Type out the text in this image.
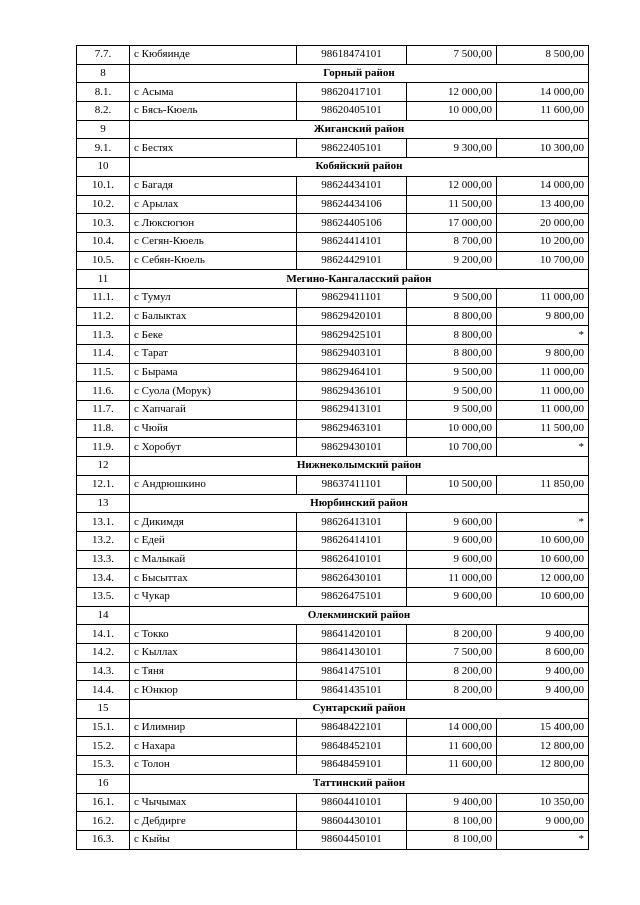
7.7.	с Кюбяинде	98618474101	7 500,00	8 500,00
8	Горный район			
8.1.	с Асыма	98620417101	12 000,00	14 000,00
8.2.	с Бясь-Кюель	98620405101	10 000,00	11 600,00
9	Жиганский район			
9.1.	с Бестях	98622405101	9 300,00	10 300,00
10	Кобяйский район			
10.1.	с Багадя	98624434101	12 000,00	14 000,00
10.2.	с Арылах	98624434106	11 500,00	13 400,00
10.3.	с Люксюгюн	98624405106	17 000,00	20 000,00
10.4.	с Сегян-Кюель	98624414101	8 700,00	10 200,00
10.5.	с Себян-Кюель	98624429101	9 200,00	10 700,00
11	Мегино-Кангаласский район			
11.1.	с Тумул	98629411101	9 500,00	11 000,00
11.2.	с Балыктах	98629420101	8 800,00	9 800,00
11.3.	с Беке	98629425101	8 800,00	*
11.4.	с Тарат	98629403101	8 800,00	9 800,00
11.5.	с Бырама	98629464101	9 500,00	11 000,00
11.6.	с Суола (Морук)	98629436101	9 500,00	11 000,00
11.7.	с Хапчагай	98629413101	9 500,00	11 000,00
11.8.	с Чюйя	98629463101	10 000,00	11 500,00
11.9.	с Хоробут	98629430101	10 700,00	*
12	Нижнеколымский район			
12.1.	с Андрюшкино	98637411101	10 500,00	11 850,00
13	Нюрбинский район			
13.1.	с Дикимдя	98626413101	9 600,00	*
13.2.	с Едей	98626414101	9 600,00	10 600,00
13.3.	с Малыкай	98626410101	9 600,00	10 600,00
13.4.	с Бысыттах	98626430101	11 000,00	12 000,00
13.5.	с Чукар	98626475101	9 600,00	10 600,00
14	Олекминский район			
14.1.	с Токко	98641420101	8 200,00	9 400,00
14.2.	с Кыллах	98641430101	7 500,00	8 600,00
14.3.	с Тяня	98641475101	8 200,00	9 400,00
14.4.	с Юнкюр	98641435101	8 200,00	9 400,00
15	Сунтарский район			
15.1.	с Илимнир	98648422101	14 000,00	15 400,00
15.2.	с Нахара	98648452101	11 600,00	12 800,00
15.3.	с Толон	98648459101	11 600,00	12 800,00
16	Таттинский район			
16.1.	с Чычымах	98604410101	9 400,00	10 350,00
16.2.	с Дебдирге	98604430101	8 100,00	9 000,00
16.3.	с Кыйы	98604450101	8 100,00	*
